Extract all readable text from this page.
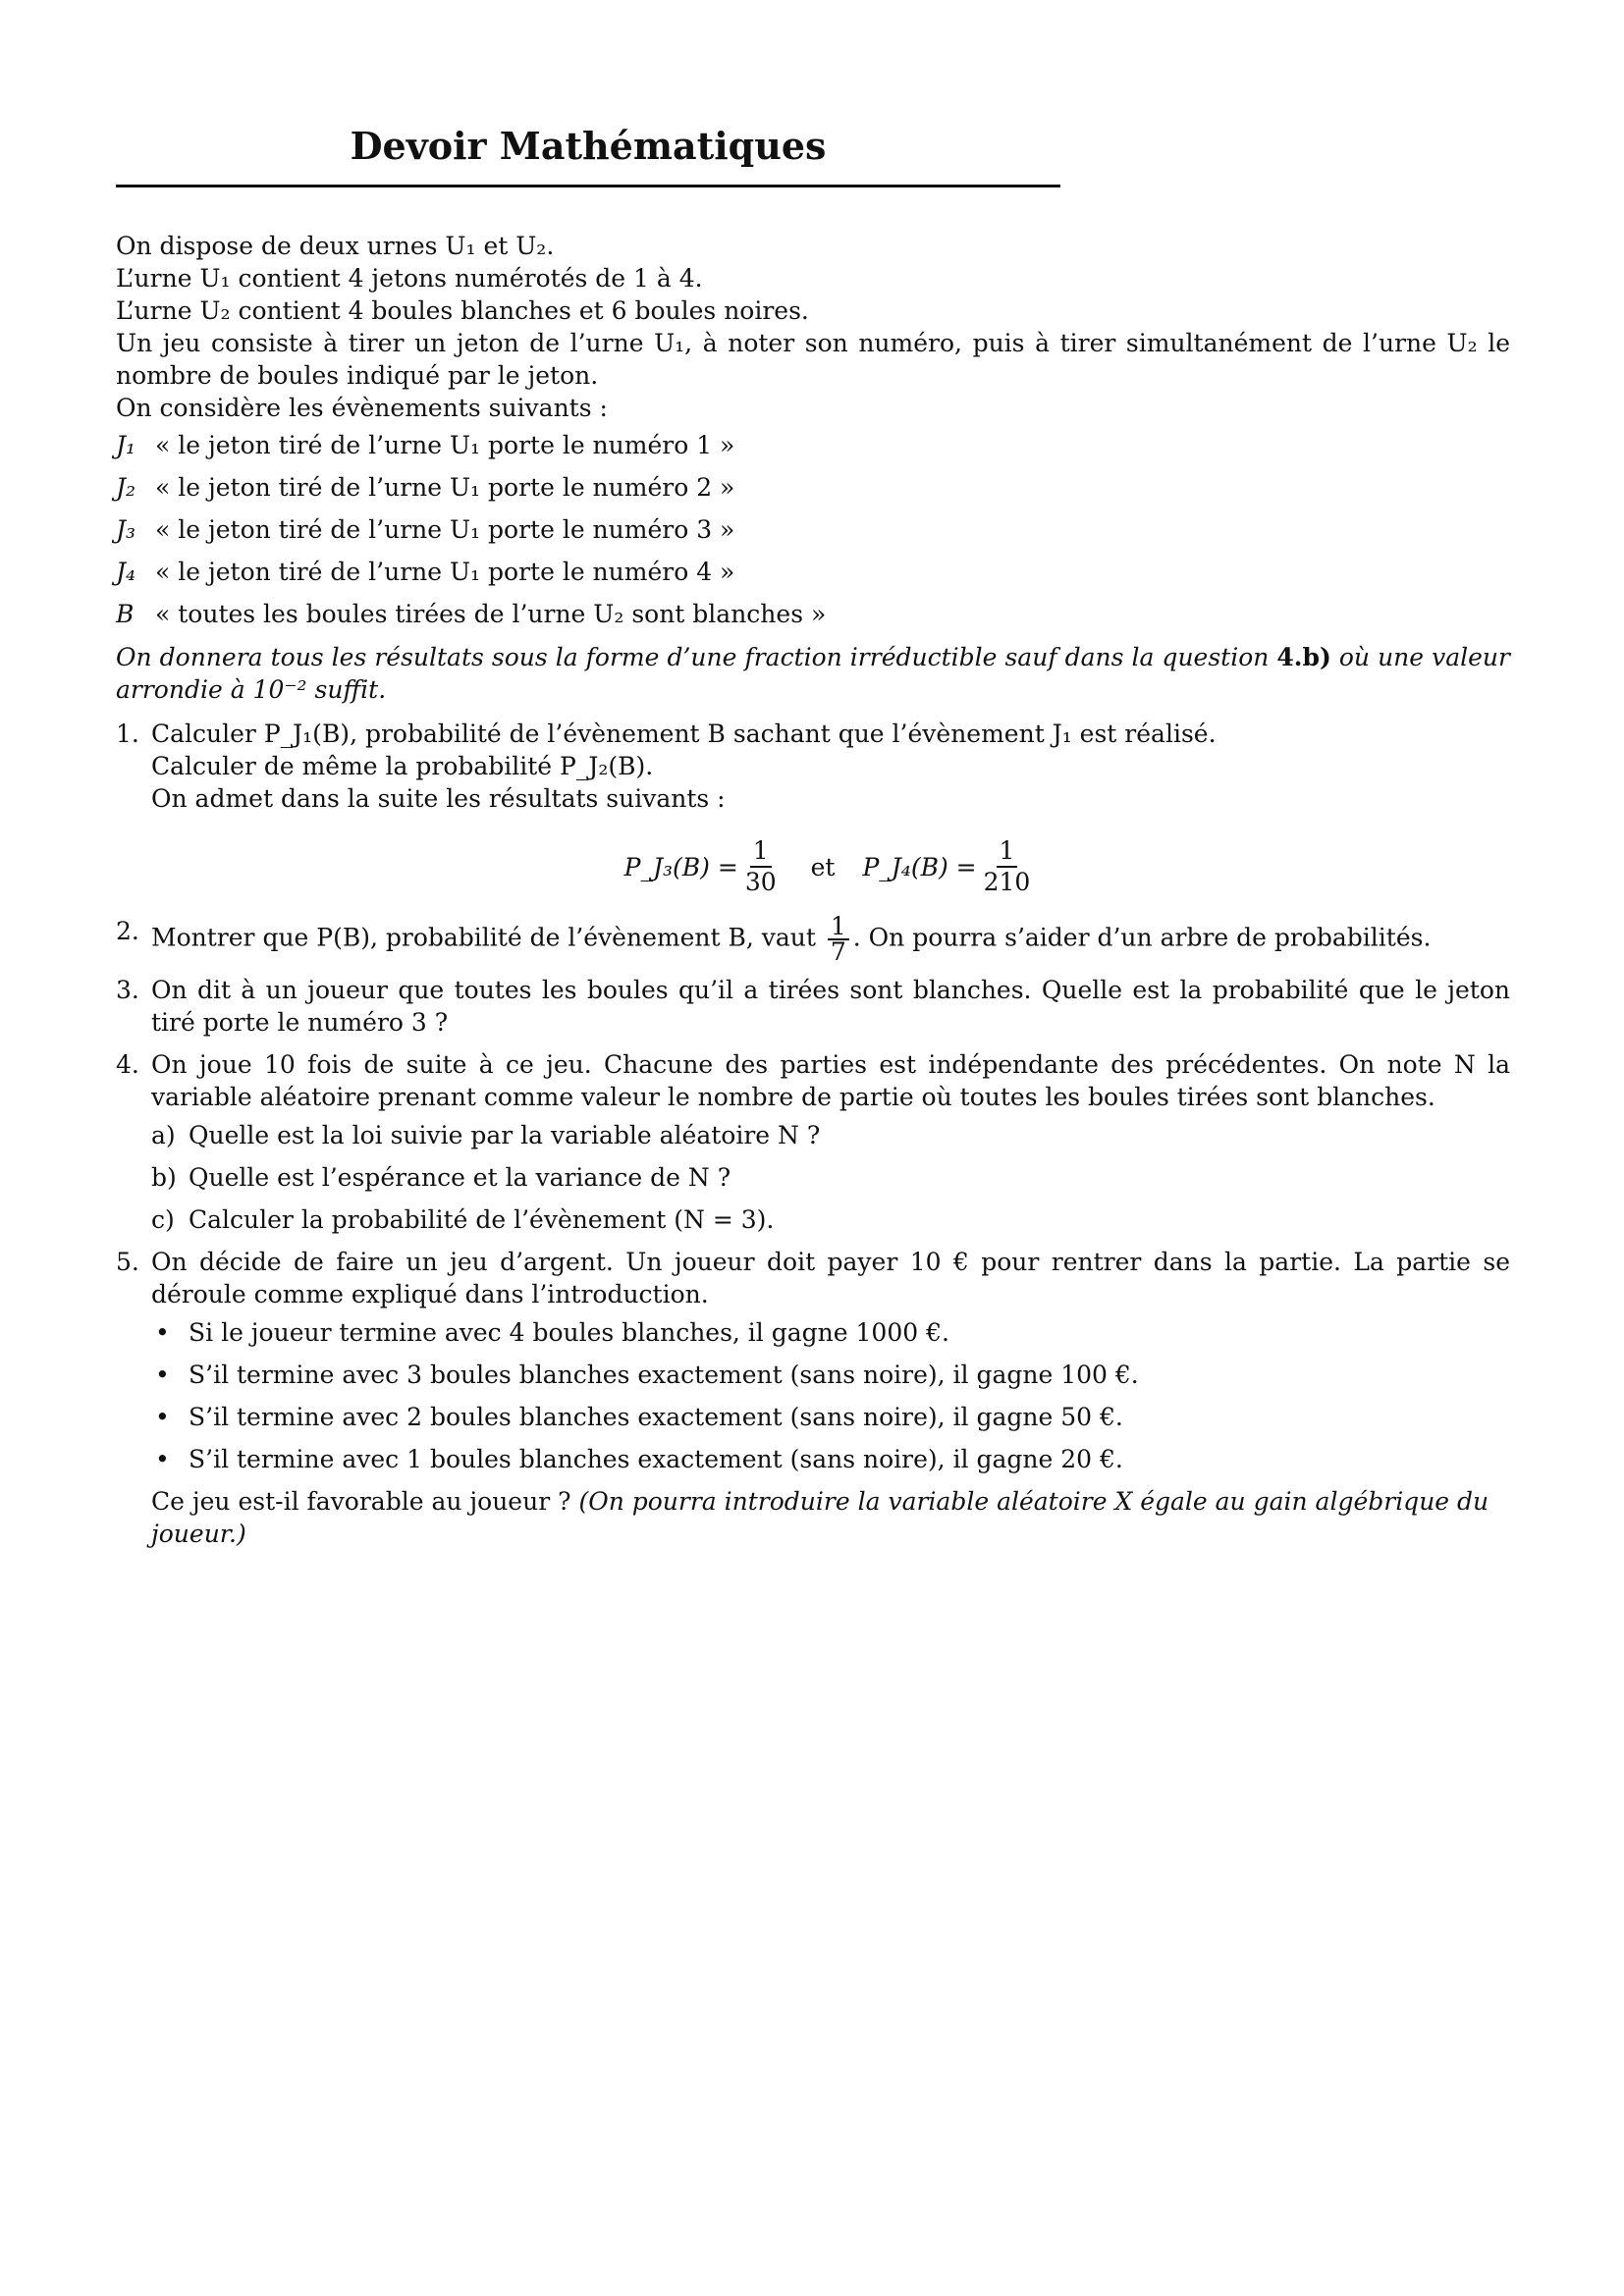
Devoir Mathématiques
On dispose de deux urnes U₁ et U₂.
L’urne U₁ contient 4 jetons numérotés de 1 à 4.
L’urne U₂ contient 4 boules blanches et 6 boules noires.
Un jeu consiste à tirer un jeton de l’urne U₁, à noter son numéro, puis à tirer simultanément de l’urne U₂ le nombre de boules indiqué par le jeton.
On considère les évènements suivants :
J₁ « le jeton tiré de l’urne U₁ porte le numéro 1 »
J₂ « le jeton tiré de l’urne U₁ porte le numéro 2 »
J₃ « le jeton tiré de l’urne U₁ porte le numéro 3 »
J₄ « le jeton tiré de l’urne U₁ porte le numéro 4 »
B « toutes les boules tirées de l’urne U₂ sont blanches »
On donnera tous les résultats sous la forme d’une fraction irréductible sauf dans la question 4.b) où une valeur arrondie à 10⁻² suffit.
1. Calculer P_J₁(B), probabilité de l’évènement B sachant que l’évènement J₁ est réalisé.
Calculer de même la probabilité P_J₂(B).
On admet dans la suite les résultats suivants :
P_J₃(B) = $\frac{1}{30}$ et P_J₄(B) = $\frac{1}{210}$
2. Montrer que P(B), probabilité de l’évènement B, vaut $\frac{1}{7}$ . On pourra s’aider d’un arbre de probabilités.
3. On dit à un joueur que toutes les boules qu’il a tirées sont blanches. Quelle est la probabilité que le jeton tiré porte le numéro 3 ?
4. On joue 10 fois de suite à ce jeu. Chacune des parties est indépendante des précédentes. On note N la variable aléatoire prenant comme valeur le nombre de partie où toutes les boules tirées sont blanches.
a) Quelle est la loi suivie par la variable aléatoire N ?
b) Quelle est l’espérance et la variance de N ?
c) Calculer la probabilité de l’évènement (N = 3).
5. On décide de faire un jeu d’argent. Un joueur doit payer 10 € pour rentrer dans la partie. La partie se déroule comme expliqué dans l’introduction.
• Si le joueur termine avec 4 boules blanches, il gagne 1000 €.
• S’il termine avec 3 boules blanches exactement (sans noire), il gagne 100 €.
• S’il termine avec 2 boules blanches exactement (sans noire), il gagne 50 €.
• S’il termine avec 1 boules blanches exactement (sans noire), il gagne 20 €.
Ce jeu est-il favorable au joueur ? (On pourra introduire la variable aléatoire X égale au gain algébrique du joueur.)
